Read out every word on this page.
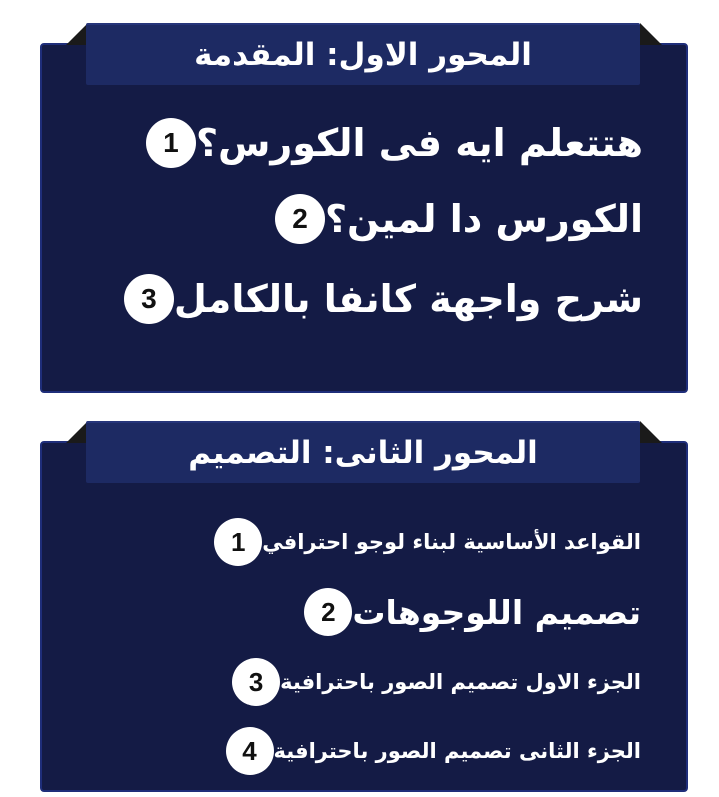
المحور الاول: المقدمة
1 هتتعلم ايه فى الكورس؟
2 الكورس دا لمين؟
3 شرح واجهة كانفا بالكامل
المحور الثانى: التصميم
1 القواعد الأساسية لبناء لوجو احترافي
2 تصميم اللوجوهات
3 الجزء الاول تصميم الصور باحترافية
4 الجزء الثانى تصميم الصور باحترافية
